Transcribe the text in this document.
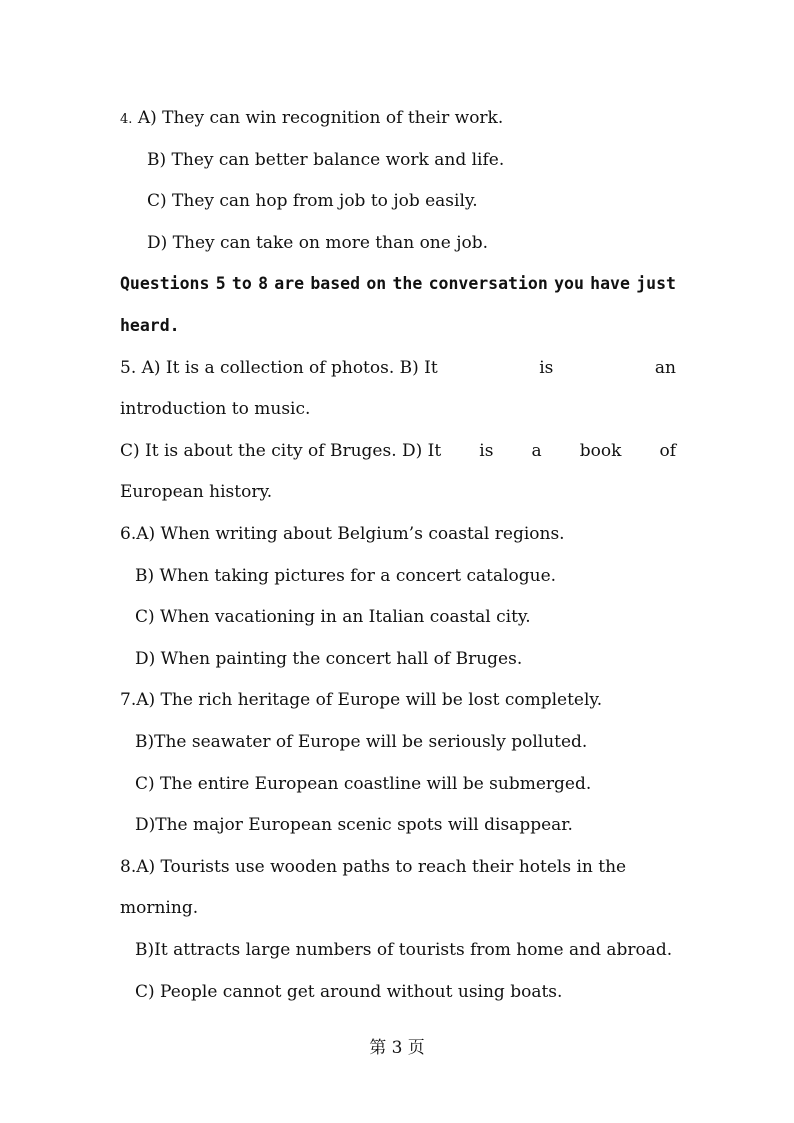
4. A) They can win recognition of their work.
B) They can better balance work and life.
C) They can hop from job to job easily.
D) They can take on more than one job.
Questions 5 to 8 are based on the conversation you have just
heard.
5. A) It is a collection of photos. B) It	is	an
introduction to music.
C) It is about the city of Bruges. D) It is a book of
European history.
6.A) When writing about Belgium’s coastal regions.
B) When taking pictures for a concert catalogue.
C) When vacationing in an Italian coastal city.
D) When painting the concert hall of Bruges.
7.A) The rich heritage of Europe will be lost completely.
B)The seawater of Europe will be seriously polluted.
C) The entire European coastline will be submerged.
D)The major European scenic spots will disappear.
8.A) Tourists use wooden paths to reach their hotels in the
morning.
B)It attracts large numbers of tourists from home and abroad.
C) People cannot get around without using boats.
第 3 页
